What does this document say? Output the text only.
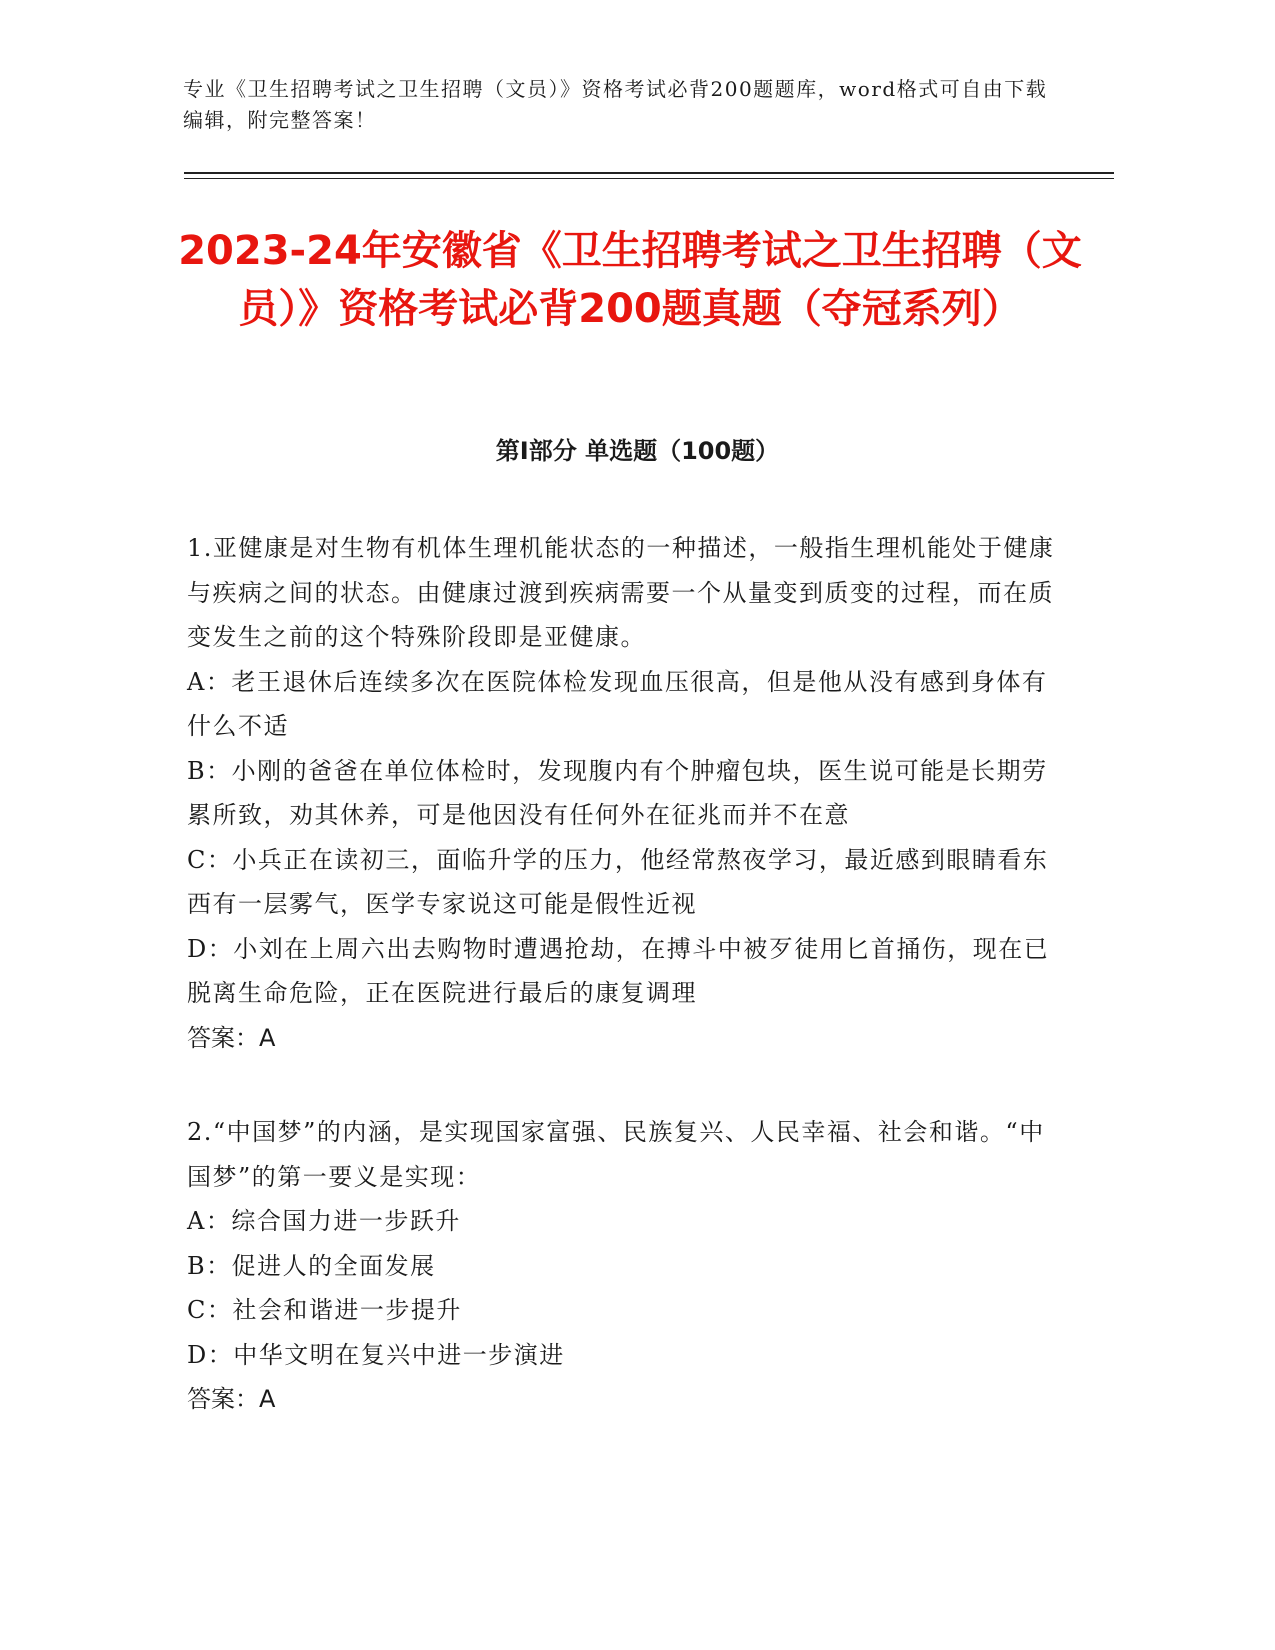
专业《卫生招聘考试之卫生招聘（文员）》资格考试必背200题题库，word格式可自由下载编辑，附完整答案！
2023-24年安徽省《卫生招聘考试之卫生招聘（文员）》资格考试必背200题真题（夺冠系列）
第I部分 单选题（100题）
1.亚健康是对生物有机体生理机能状态的一种描述，一般指生理机能处于健康与疾病之间的状态。由健康过渡到疾病需要一个从量变到质变的过程，而在质变发生之前的这个特殊阶段即是亚健康。
A：老王退休后连续多次在医院体检发现血压很高，但是他从没有感到身体有什么不适
B：小刚的爸爸在单位体检时，发现腹内有个肿瘤包块，医生说可能是长期劳累所致，劝其休养，可是他因没有任何外在征兆而并不在意
C：小兵正在读初三，面临升学的压力，他经常熬夜学习，最近感到眼睛看东西有一层雾气，医学专家说这可能是假性近视
D：小刘在上周六出去购物时遭遇抢劫，在搏斗中被歹徒用匕首捅伤，现在已脱离生命危险，正在医院进行最后的康复调理
答案：A
2.“中国梦”的内涵，是实现国家富强、民族复兴、人民幸福、社会和谐。“中国梦”的第一要义是实现：
A：综合国力进一步跃升
B：促进人的全面发展
C：社会和谐进一步提升
D：中华文明在复兴中进一步演进
答案：A
